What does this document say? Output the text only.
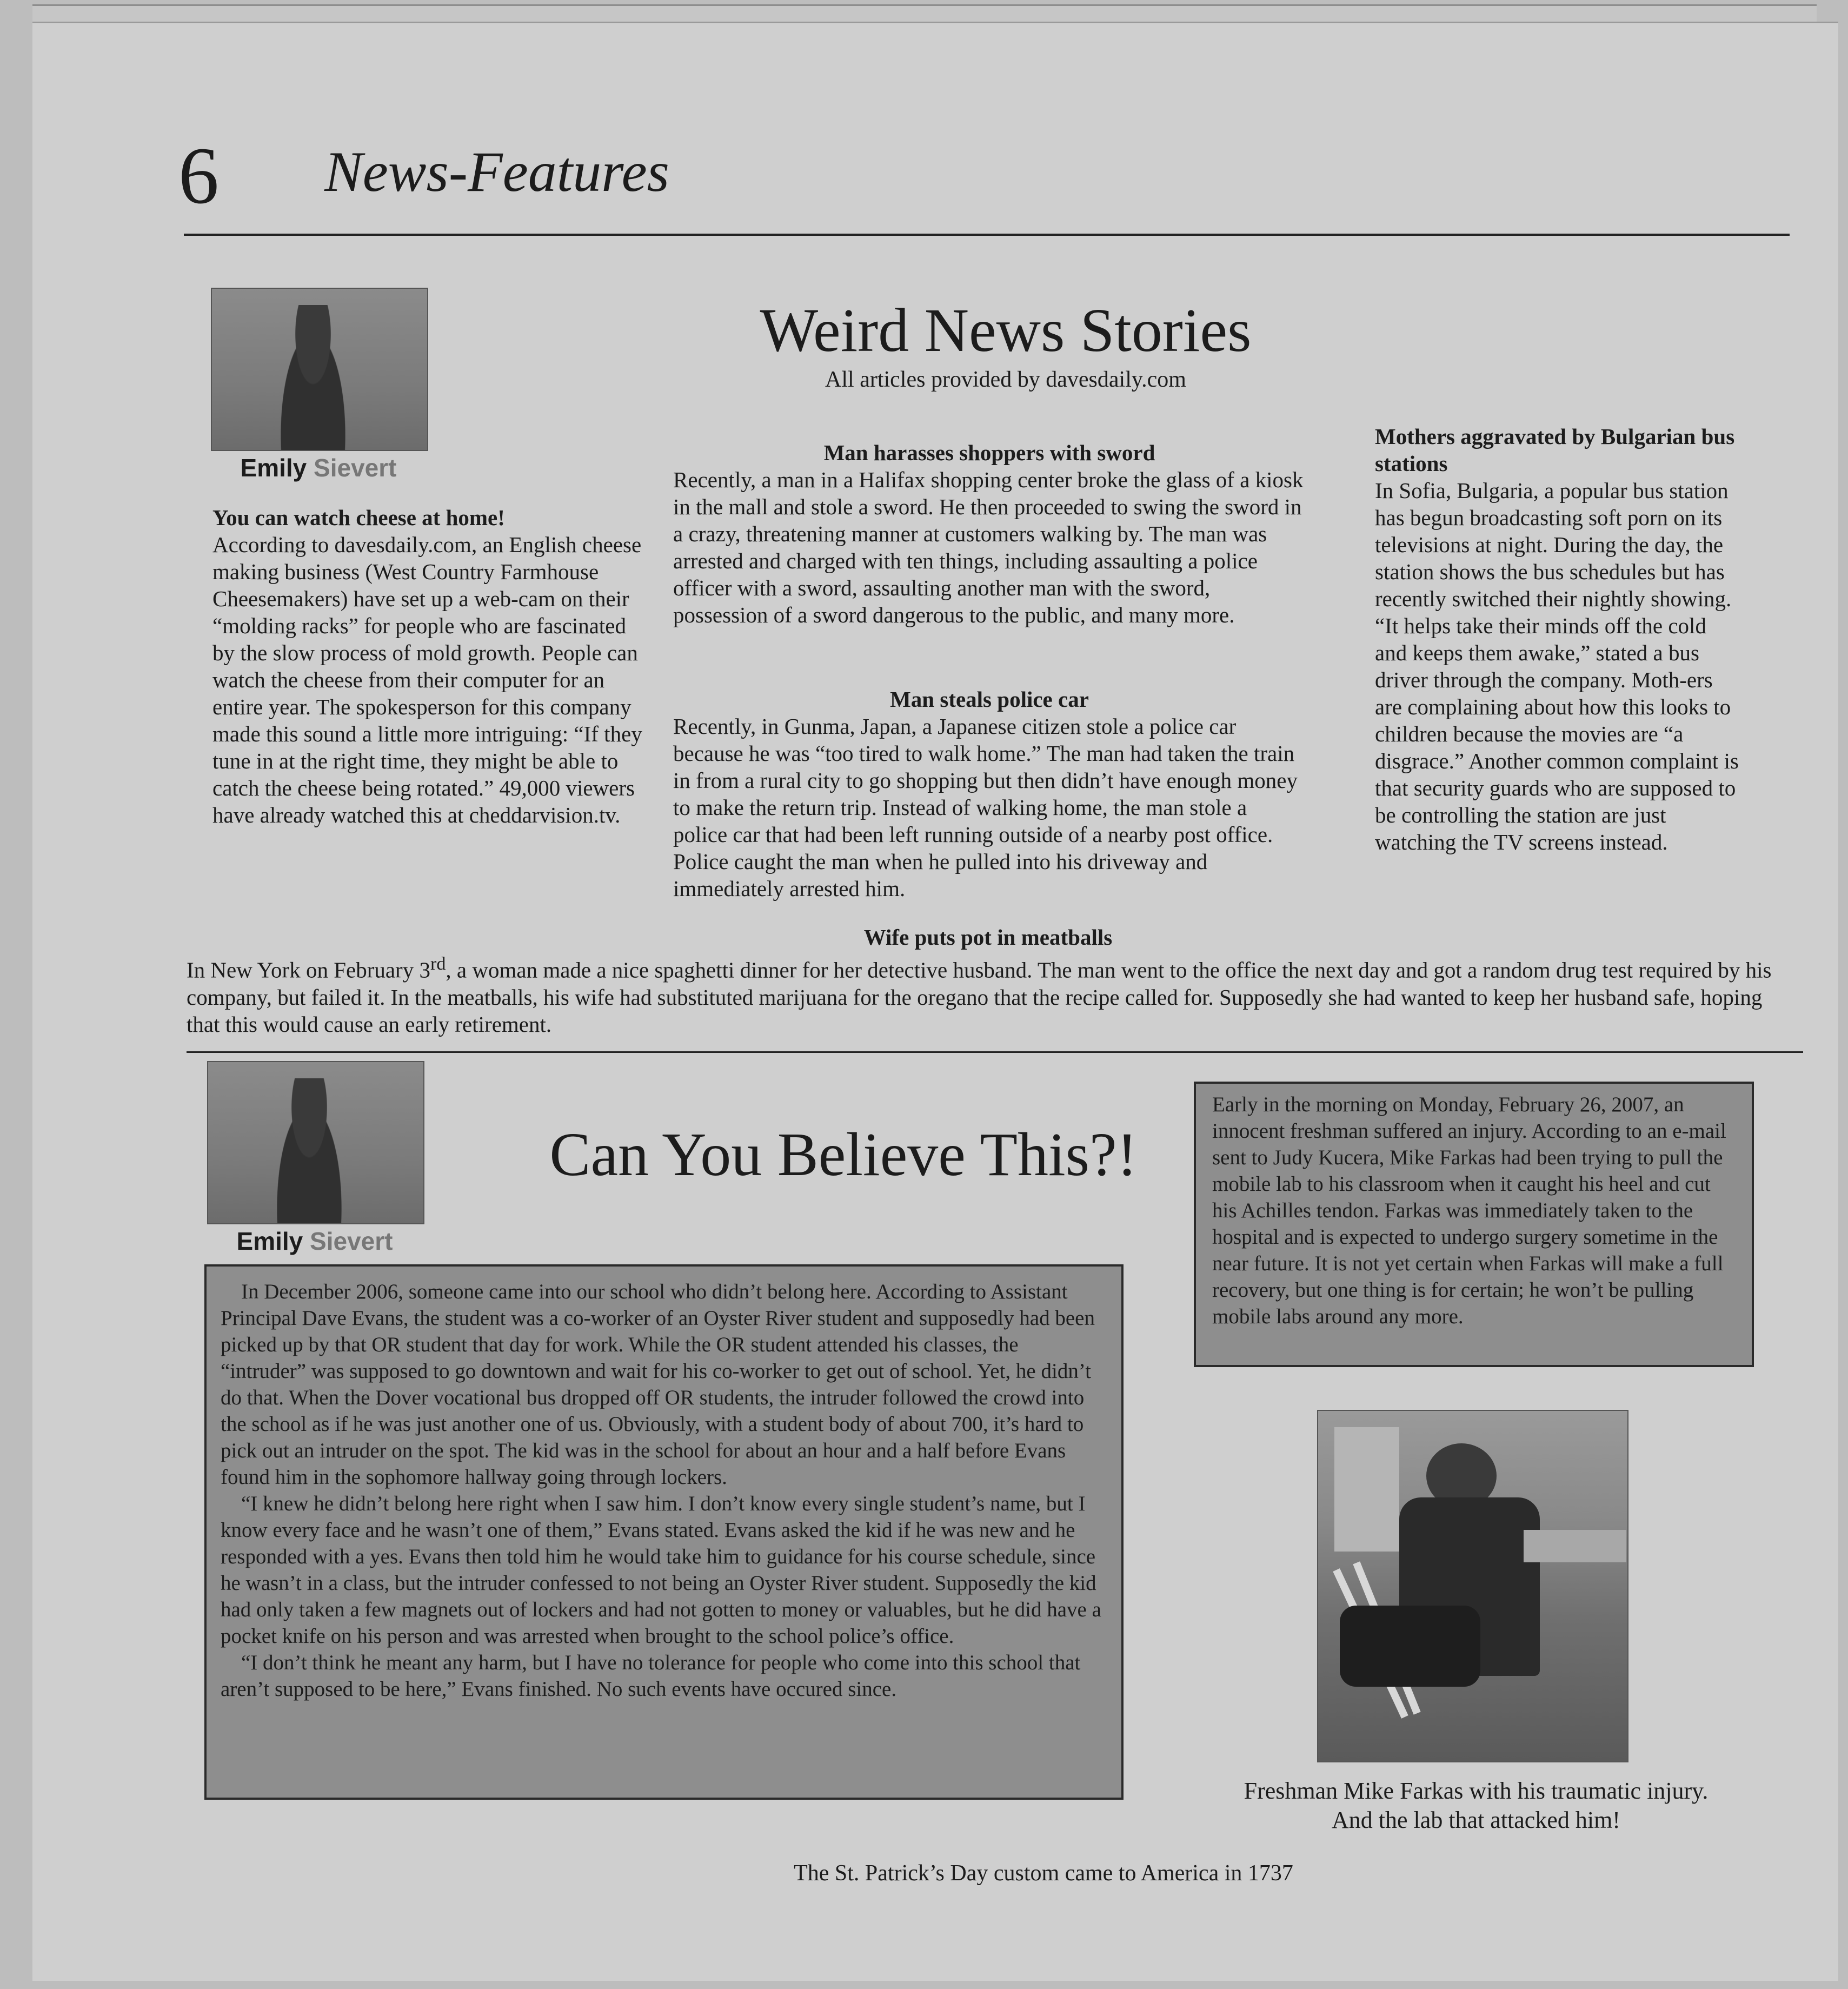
6 News-Features
Emily Sievert
Weird News Stories
All articles provided by davesdaily.com
You can watch cheese at home!

According to davesdaily.com, an English cheese making business (West Country Farmhouse Cheesemakers) have set up a web-cam on their “molding racks” for people who are fascinated by the slow process of mold growth. People can watch the cheese from their computer for an entire year. The spokesperson for this company made this sound a little more intriguing: “If they tune in at the right time, they might be able to catch the cheese being rotated.” 49,000 viewers have already watched this at cheddarvision.tv.

Man harasses shoppers with sword

Recently, a man in a Halifax shopping center broke the glass of a kiosk in the mall and stole a sword. He then proceeded to swing the sword in a crazy, threatening manner at customers walking by. The man was arrested and charged with ten things, including assaulting a police officer with a sword, assaulting another man with the sword, possession of a sword dangerous to the public, and many more.

Man steals police car

Recently, in Gunma, Japan, a Japanese citizen stole a police car because he was “too tired to walk home.” The man had taken the train in from a rural city to go shopping but then didn’t have enough money to make the return trip. Instead of walking home, the man stole a police car that had been left running outside of a nearby post office. Police caught the man when he pulled into his driveway and immediately arrested him.

Mothers aggravated by Bulgarian bus stations

In Sofia, Bulgaria, a popular bus station has begun broadcasting soft porn on its televisions at night. During the day, the station shows the bus schedules but has recently switched their nightly showing. “It helps take their minds off the cold and keeps them awake,” stated a bus driver through the company. Moth-ers are complaining about how this looks to children because the movies are “a disgrace.” Another common complaint is that security guards who are supposed to be controlling the station are just watching the TV screens instead.

Wife puts pot in meatballs

In New York on February 3rd, a woman made a nice spaghetti dinner for her detective husband. The man went to the office the next day and got a random drug test required by his company, but failed it. In the meatballs, his wife had substituted marijuana for the oregano that the recipe called for. Supposedly she had wanted to keep her husband safe, hoping that this would cause an early retirement.

Emily Sievert
Can You Believe This?!

In December 2006, someone came into our school who didn’t belong here. According to Assistant Principal Dave Evans, the student was a co-worker of an Oyster River student and supposedly had been picked up by that OR student that day for work. While the OR student attended his classes, the “intruder” was supposed to go downtown and wait for his co-worker to get out of school. Yet, he didn’t do that. When the Dover vocational bus dropped off OR students, the intruder followed the crowd into the school as if he was just another one of us. Obviously, with a student body of about 700, it’s hard to pick out an intruder on the spot. The kid was in the school for about an hour and a half before Evans found him in the sophomore hallway going through lockers.

“I knew he didn’t belong here right when I saw him. I don’t know every single student’s name, but I know every face and he wasn’t one of them,” Evans stated. Evans asked the kid if he was new and he responded with a yes. Evans then told him he would take him to guidance for his course schedule, since he wasn’t in a class, but the intruder confessed to not being an Oyster River student. Supposedly the kid had only taken a few magnets out of lockers and had not gotten to money or valuables, but he did have a pocket knife on his person and was arrested when brought to the school police’s office.

“I don’t think he meant any harm, but I have no tolerance for people who come into this school that aren’t supposed to be here,” Evans finished. No such events have occured since.

Early in the morning on Monday, February 26, 2007, an innocent freshman suffered an injury. According to an e-mail sent to Judy Kucera, Mike Farkas had been trying to pull the mobile lab to his classroom when it caught his heel and cut his Achilles tendon. Farkas was immediately taken to the hospital and is expected to undergo surgery sometime in the near future. It is not yet certain when Farkas will make a full recovery, but one thing is for certain; he won’t be pulling mobile labs around any more.

Freshman Mike Farkas with his traumatic injury.
And the lab that attacked him!
The St. Patrick’s Day custom came to America in 1737
